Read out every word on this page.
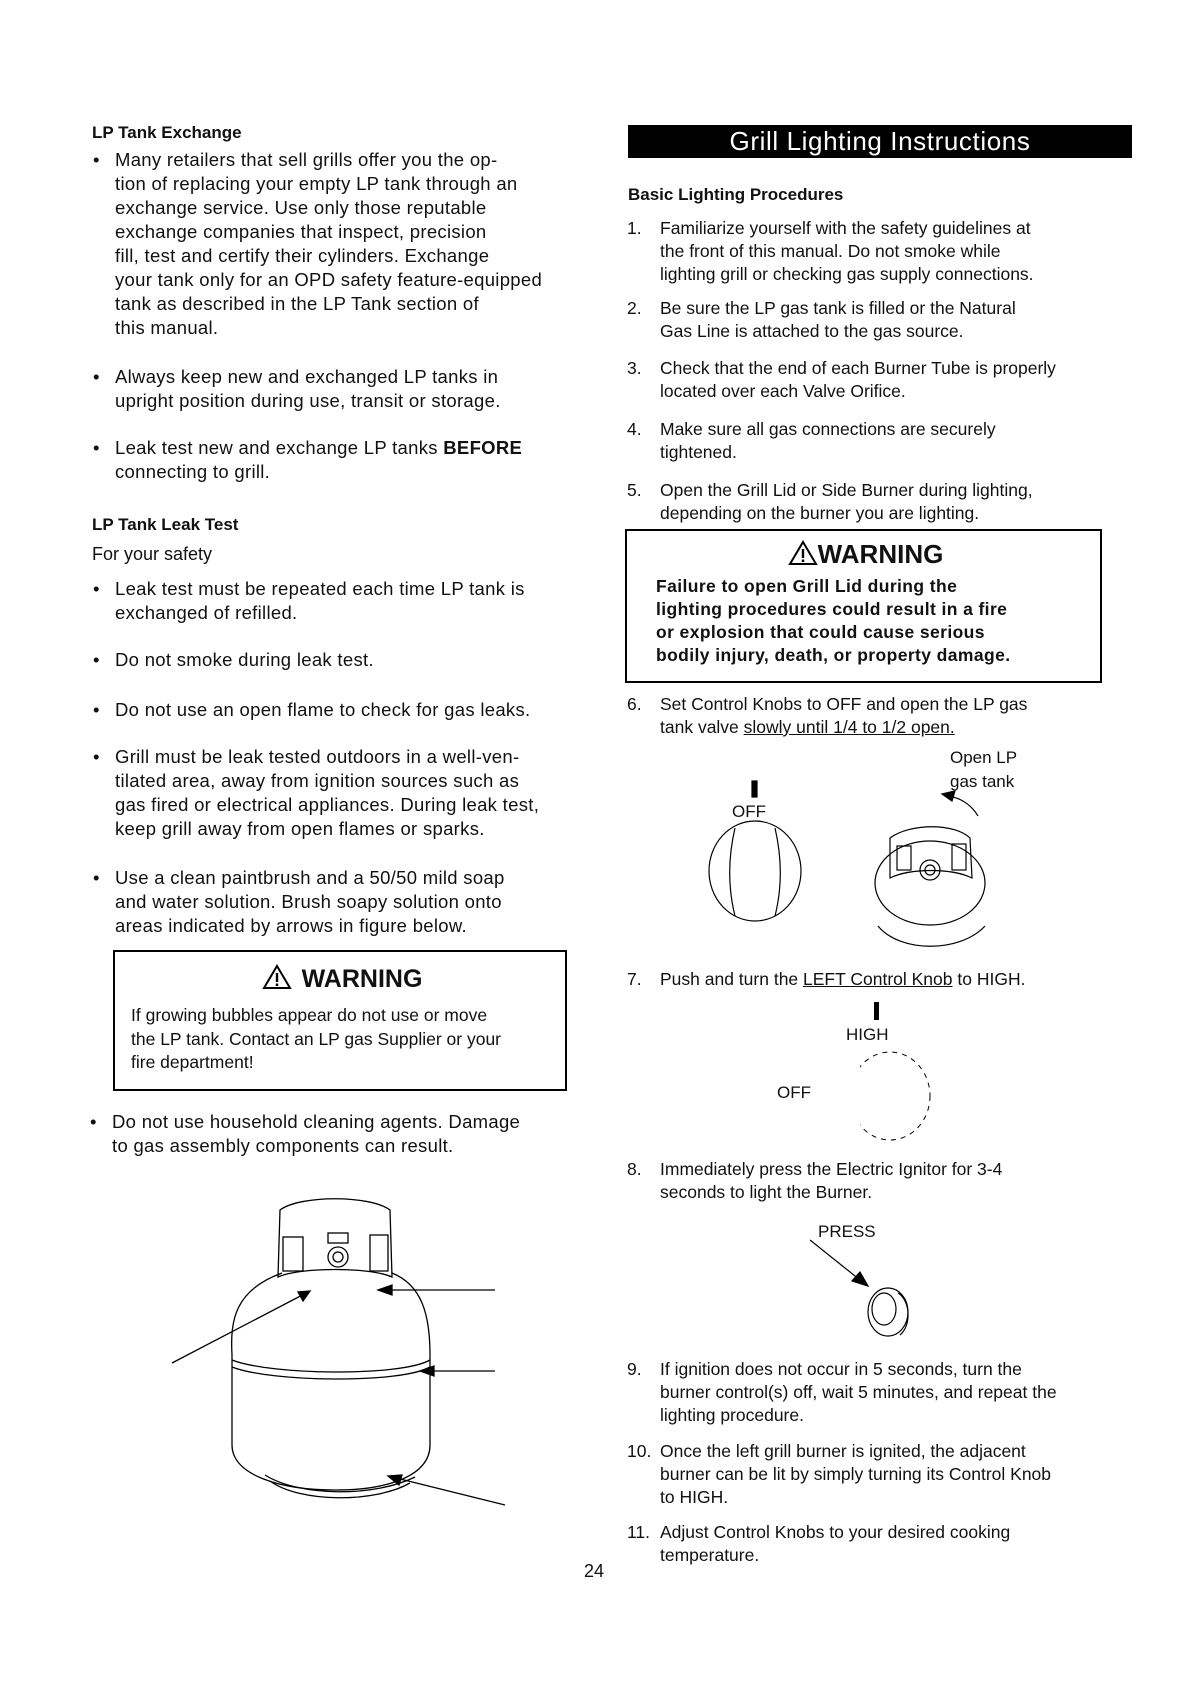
LP Tank Exchange
• Many retailers that sell grills offer you the op-
tion of replacing your empty LP tank through an
exchange service. Use only those reputable
exchange companies that inspect, precision
fill, test and certify their cylinders. Exchange
your tank only for an OPD safety feature-equipped
tank as described in the LP Tank section of
this manual.
• Always keep new and exchanged LP tanks in
upright position during use, transit or storage.
• Leak test new and exchange LP tanks BEFORE
connecting to grill.
LP Tank Leak Test
For your safety
• Leak test must be repeated each time LP tank is
exchanged of refilled.
• Do not smoke during leak test.
• Do not use an open flame to check for gas leaks.
• Grill must be leak tested outdoors in a well-ven-
tilated area, away from ignition sources such as
gas fired or electrical appliances. During leak test,
keep grill away from open flames or sparks.
• Use a clean paintbrush and a 50/50 mild soap
and water solution. Brush soapy solution onto
areas indicated by arrows in figure below.
WARNING
If growing bubbles appear do not use or move
the LP tank. Contact an LP gas Supplier or your
fire department!
• Do not use household cleaning agents. Damage
to gas assembly components can result.
Grill Lighting Instructions
Basic Lighting Procedures
1. Familiarize yourself with the safety guidelines at
the front of this manual. Do not smoke while
lighting grill or checking gas supply connections.
2. Be sure the LP gas tank is filled or the Natural
Gas Line is attached to the gas source.
3. Check that the end of each Burner Tube is properly
located over each Valve Orifice.
4. Make sure all gas connections are securely
tightened.
5. Open the Grill Lid or Side Burner during lighting,
depending on the burner you are lighting.
WARNING
Failure to open Grill Lid during the
lighting procedures could result in a fire
or explosion that could cause serious
bodily injury, death, or property damage.
6. Set Control Knobs to OFF and open the LP gas
tank valve slowly until 1/4 to 1/2 open.
OFF
Open LP
gas tank
7. Push and turn the LEFT Control Knob to HIGH.
HIGH
OFF
8. Immediately press the Electric Ignitor for 3-4
seconds to light the Burner.
PRESS
9. If ignition does not occur in 5 seconds, turn the
burner control(s) off, wait 5 minutes, and repeat the
lighting procedure.
10. Once the left grill burner is ignited, the adjacent
burner can be lit by simply turning its Control Knob
to HIGH.
11. Adjust Control Knobs to your desired cooking
temperature.
24
